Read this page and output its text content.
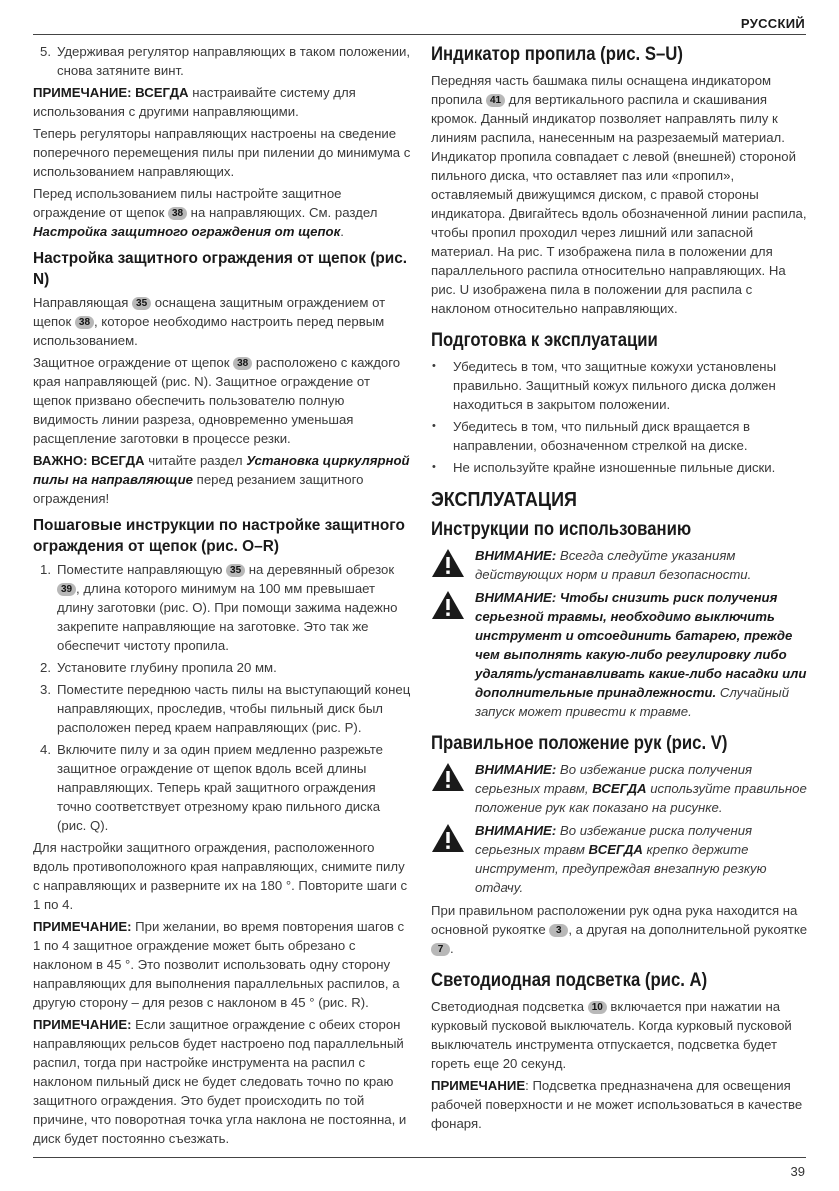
РУССКИЙ
5. Удерживая регулятор направляющих в таком положении, снова затяните винт.

ПРИМЕЧАНИЕ: ВСЕГДА настраивайте систему для использования с другими направляющими.

Теперь регуляторы направляющих настроены на сведение поперечного перемещения пилы при пилении до минимума с использованием направляющих.

Перед использованием пилы настройте защитное ограждение от щепок 38 на направляющих. См. раздел Настройка защитного ограждения от щепок.

Настройка защитного ограждения от щепок (рис. N)

Направляющая 35 оснащена защитным ограждением от щепок 38 , которое необходимо настроить перед первым использованием.

Защитное ограждение от щепок 38 расположено с каждого края направляющей (рис. N). Защитное ограждение от щепок призвано обеспечить пользователю полную видимость линии разреза, одновременно уменьшая расщепление заготовки в процессе резки.

ВАЖНО: ВСЕГДА читайте раздел Установка циркулярной пилы на направляющие перед резанием защитного ограждения!

Пошаговые инструкции по настройке защитного ограждения от щепок (рис. O–R)
1. Поместите направляющую 35 на деревянный обрезок 39 , длина которого минимум на 100 мм превышает длину заготовки (рис. O). При помощи зажима надежно закрепите направляющие на заготовке. Это так же обеспечит чистоту пропила.
2. Установите глубину пропила 20 мм.
3. Поместите переднюю часть пилы на выступающий конец направляющих, проследив, чтобы пильный диск был расположен перед краем направляющих (рис. P).
4. Включите пилу и за один прием медленно разрежьте защитное ограждение от щепок вдоль всей длины направляющих. Теперь край защитного ограждения точно соответствует отрезному краю пильного диска (рис. Q).

Для настройки защитного ограждения, расположенного вдоль противоположного края направляющих, снимите пилу с направляющих и разверните их на 180 °. Повторите шаги с 1 по 4.

ПРИМЕЧАНИЕ: При желании, во время повторения шагов с 1 по 4 защитное ограждение может быть обрезано с наклоном в 45 °. Это позволит использовать одну сторону направляющих для выполнения параллельных распилов, а другую сторону – для резов с наклоном в 45 ° (рис. R).

ПРИМЕЧАНИЕ: Если защитное ограждение с обеих сторон направляющих рельсов будет настроено под параллельный распил, тогда при настройке инструмента на распил с наклоном пильный диск не будет следовать точно по краю защитного ограждения. Это будет происходить по той причине, что поворотная точка угла наклона не постоянна, и диск будет постоянно съезжать.

Индикатор пропила (рис. S–U)

Передняя часть башмака пилы оснащена индикатором пропила 41 для вертикального распила и скашивания кромок. Данный индикатор позволяет направлять пилу к линиям распила, нанесенным на разрезаемый материал. Индикатор пропила совпадает с левой (внешней) стороной пильного диска, что оставляет паз или «пропил», оставляемый движущимся диском, с правой стороны индикатора. Двигайтесь вдоль обозначенной линии распила, чтобы пропил проходил через лишний или запасной материал. На рис. T изображена пила в положении для параллельного распила относительно направляющих. На рис. U изображена пила в положении для распила с наклоном относительно направляющих.

Подготовка к эксплуатации
• Убедитесь в том, что защитные кожухи установлены правильно. Защитный кожух пильного диска должен находиться в закрытом положении.
• Убедитесь в том, что пильный диск вращается в направлении, обозначенном стрелкой на диске.
• Не используйте крайне изношенные пильные диски.
ЭКСПЛУАТАЦИЯ
Инструкции по использованию

ВНИМАНИЕ: Всегда следуйте указаниям действующих норм и правил безопасности.

ВНИМАНИЕ: Чтобы снизить риск получения серьезной травмы, необходимо выключить инструмент и отсоединить батарею, прежде чем выполнять какую-либо регулировку либо удалять/устанавливать какие-либо насадки или дополнительные принадлежности. Случайный запуск может привести к травме.

Правильное положение рук (рис. V)

ВНИМАНИЕ: Во избежание риска получения серьезных травм, ВСЕГДА используйте правильное положение рук как показано на рисунке.

ВНИМАНИЕ: Во избежание риска получения серьезных травм ВСЕГДА крепко держите инструмент, предупреждая внезапную резкую отдачу.

При правильном расположении рук одна рука находится на основной рукоятке 3 , а другая на дополнительной рукоятке 7 .

Светодиодная подсветка (рис. A)

Светодиодная подсветка 10 включается при нажатии на курковый пусковой выключатель. Когда курковый пусковой выключатель инструмента отпускается, подсветка будет гореть еще 20 секунд.

ПРИМЕЧАНИЕ: Подсветка предназначена для освещения рабочей поверхности и не может использоваться в качестве фонаря.

39
